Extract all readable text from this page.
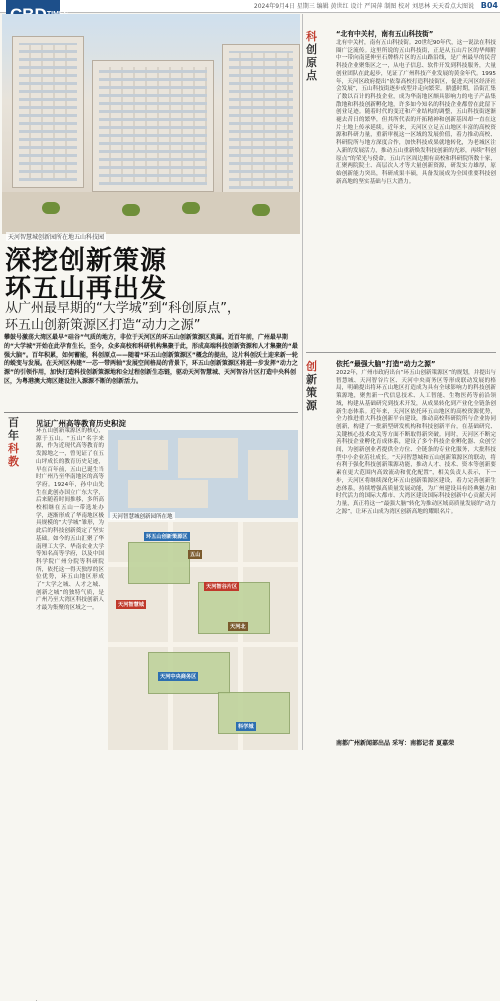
2024年9月4日 星期三 编辑 黄世红 设计 严国萍 制图 校对 刘思林 天天看点大图说 B04
天河智慧城创新园所在地五山科技园
深挖创新策源
环五山再出发
从广州最早期的“大学城”到“科创原点”，
环五山创新策源区打造“动力之源”
攀鼓号激荡大湾区最早“硅谷”气质的地方，非位于天河区的环五山创新策源区莫属。近百年前，广州最早期的“大学城”开始在此孕育生长，至今，众多高校和科研机构集聚于此，形成高端科技创新资源和人才集聚的“最强大脑”。百年积累，如何蓄能，科创原点——随着“环五山创新策源区”概念的提出，这片科创沃土迎来新一轮的蜕变与发展。在天河区构建“一芯一带两轴”发展空间格局的背景下，环五山创新策源区将进一步发挥“动力之源”的引领作用，加快打造科技创新策源地和全过程创新生态链，驱动天河智慧城、天河智谷片区打造中央科创区，为粤港澳大湾区建设注入源源不断的创新活力。
百年
科教
见证广州高等教育历史积淀
环五山创新策源区的核心，源于五山。“五山”名字来源，作为近现代高等教育的发源地之一，曾见证了在五山坪成长的教育历史足迹，早在百年前，五山已诞生当时广州乃至华南地区的高等学府。1924年，孙中山先生在此创办国立广东大学，后来随着时间推移，多所高校相继在五山一带选址办学，逐渐形成了华南地区极具规模的“大学城”雏形，为此后的科技创新奠定了坚实基础。如今的五山汇聚了华南理工大学、华南农业大学等知名高等学府，以及中国科学院广州分院等科研院所，依托这一得天独厚的区位优势，环五山地区形成了“大学之城、人才之城、创新之城”的独特气质，是广州乃至大湾区科技创新人才最为集聚的区域之一。
天河智慧城创新园所在地
环五山创新策源区
天河智谷片区
天河智慧城
天河中央商务区
天河北
五山
科学城
科
创
原
点
“北有中关村，南有五山科技街”
北有中关村，南有五山科技街。20世纪90年代，这一说法在科技圈广泛流传。这里所说的五山科技街，正是从五山片区的华师附中一带向南延伸至石牌桥片区的五山路沿线，是广州最早的民营科技企业聚集区之一，从电子信息、软件开发到科技服务，大量创业团队在此起步，见证了广州科技产业发展的黄金年代。1995年，天河区政府提出“依靠高校打造科技街区，促进天河区经济社会发展”，五山科技街逐步成型并走向繁荣。鼎盛时期，沿街汇集了数以百计的科技企业，成为华南地区颇具影响力的电子产品集散地和科技创新孵化地，许多如今知名的科技企业都曾在此留下创业足迹。随着时代的变迁和产业结构的调整，五山科技街逐渐褪去昔日的繁华，但其所代表的开拓精神和创新基因却一直在这片土地上传承延续。近年来，天河区立足五山地区丰富的高校资源和科研力量，重新审视这一区域的发展价值，着力推动高校、科研院所与地方深度合作，加快科技成果就地转化，为老城区注入新的发展活力，推动五山重新焕发科技创新的光彩，再续“科创原点”的荣光与使命。五山片区周边拥有高校和科研院所数十家，汇聚两院院士、高层次人才等大量创新资源，研发实力雄厚，原始创新能力突出，科研成果丰硕，具备发展成为全国重要科技创新高地的坚实基础与巨大潜力。
创
新
策
源
依托“最强大脑”打造“动力之源”
2022年，广州市政府出台“环五山创新策源区”的规划，并提出与智慧城、天河智谷片区、天河中央商务区等形成联动发展的格局，明确提出将环五山地区打造成为具有全球影响力的科技创新策源地，聚焦新一代信息技术、人工智能、生物医药等前沿领域，构建从基础研究到技术开发，从成果转化到产业化全链条创新生态体系。近年来，天河区依托环五山地区的高校资源优势，全力推进重大科技创新平台建设，推动高校科研院所与企业协同创新，构建了一批新型研发机构和科技创新平台，在基础研究、关键核心技术攻关等方面不断取得新突破。同时，天河区不断完善科技企业孵化育成体系，建设了多个科技企业孵化器、众创空间，为创新创业者提供全方位、全链条的专业化服务，大批科技型中小企业茁壮成长。“天河智慧城和五山创新策源区的联动，将有利于强化科技创新策源功能，推动人才、技术、资本等创新要素在更大范围内高效流动和优化配置”，相关负责人表示，下一步，天河区将继续深化环五山创新策源区建设，着力完善创新生态体系，持续增强高质量发展动能，为广州建设具有经典魅力和时代活力的国际大都市、大湾区建设国际科技创新中心贡献天河力量，真正将这一“最强大脑”转化为推动区域高质量发展的“动力之源”，让环五山成为湾区创新高地的耀眼名片。
南都广州新闻部出品 采写：南都记者 夏嘉荣
